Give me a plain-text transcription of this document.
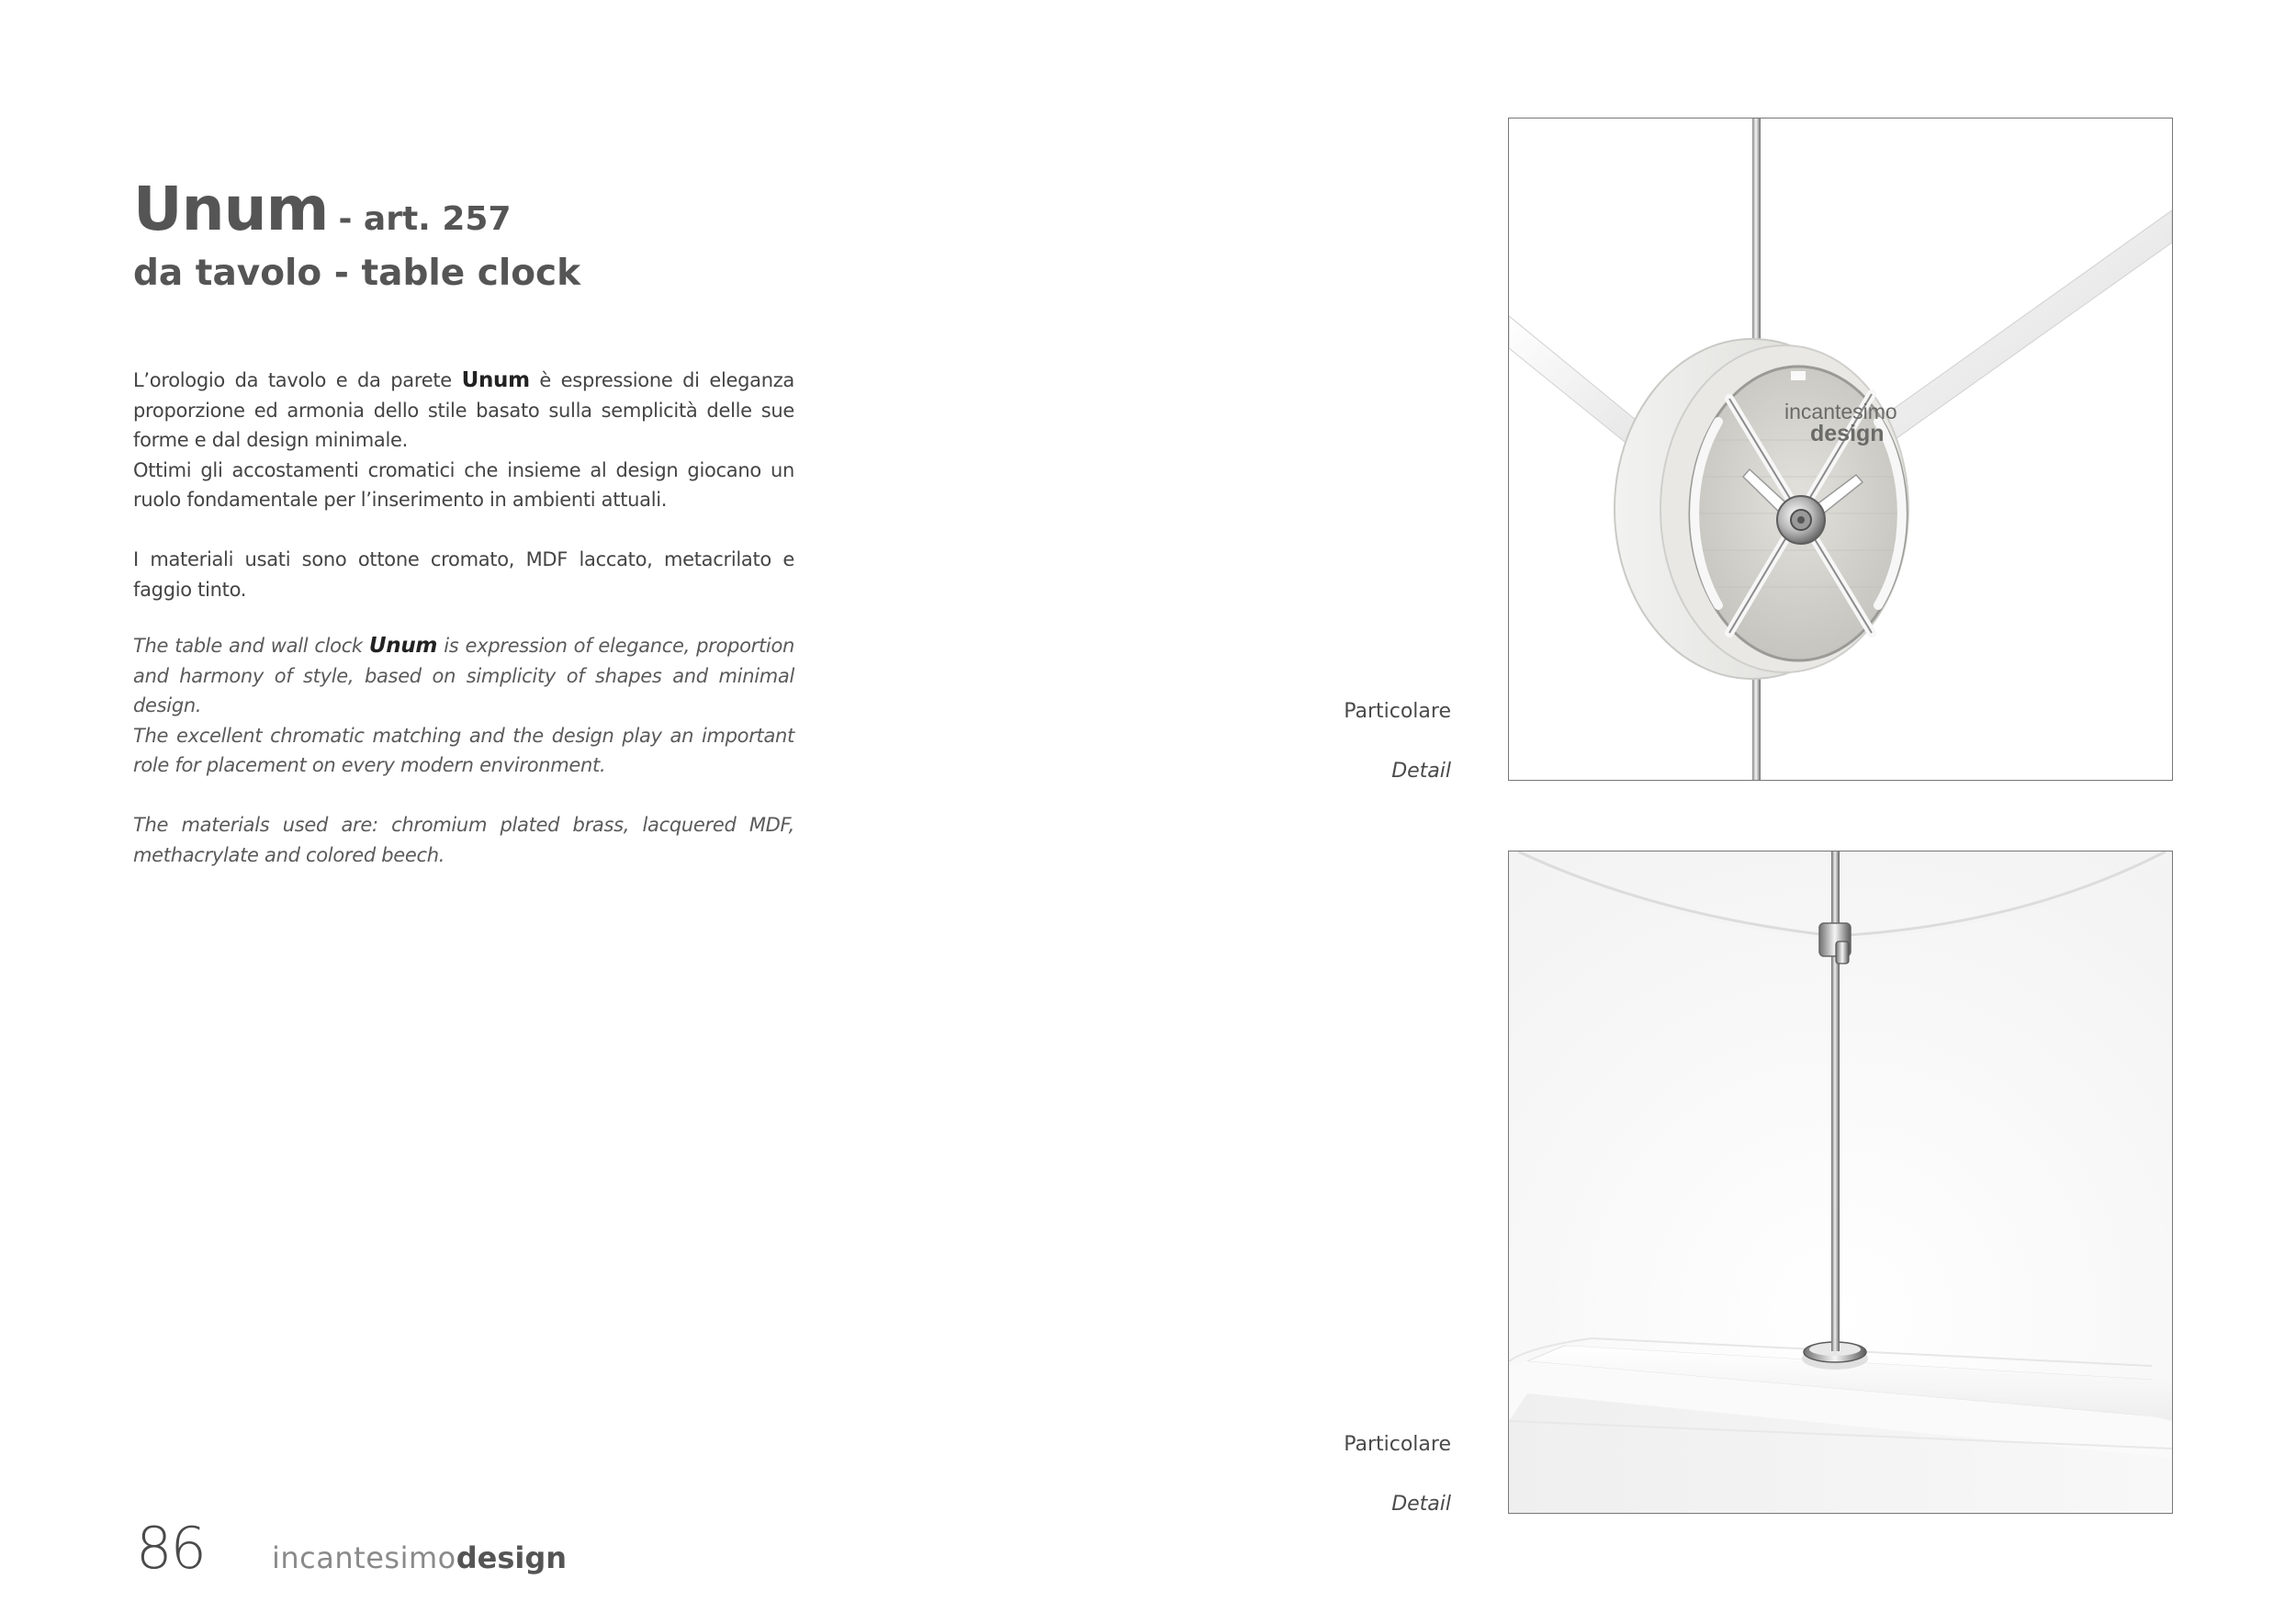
Unum - art. 257
da tavolo - table clock

L’orologio da tavolo e da parete Unum è espressione di eleganza proporzione ed armonia dello stile basato sulla semplicità delle sue forme e dal design minimale.

Ottimi gli accostamenti cromatici che insieme al design giocano un ruolo fondamentale per l’inserimento in ambienti attuali.

I materiali usati sono ottone cromato, MDF laccato, metacrilato e faggio tinto.

The table and wall clock Unum is expression of elegance, proportion and harmony of style, based on simplicity of shapes and minimal design.

The excellent chromatic matching and the design play an important role for placement on every modern environment.

The materials used are: chromium plated brass, lacquered MDF, methacrylate and colored beech.

Particolare
Detail
Particolare
Detail
incantesimo
design
86 incantesimodesign
